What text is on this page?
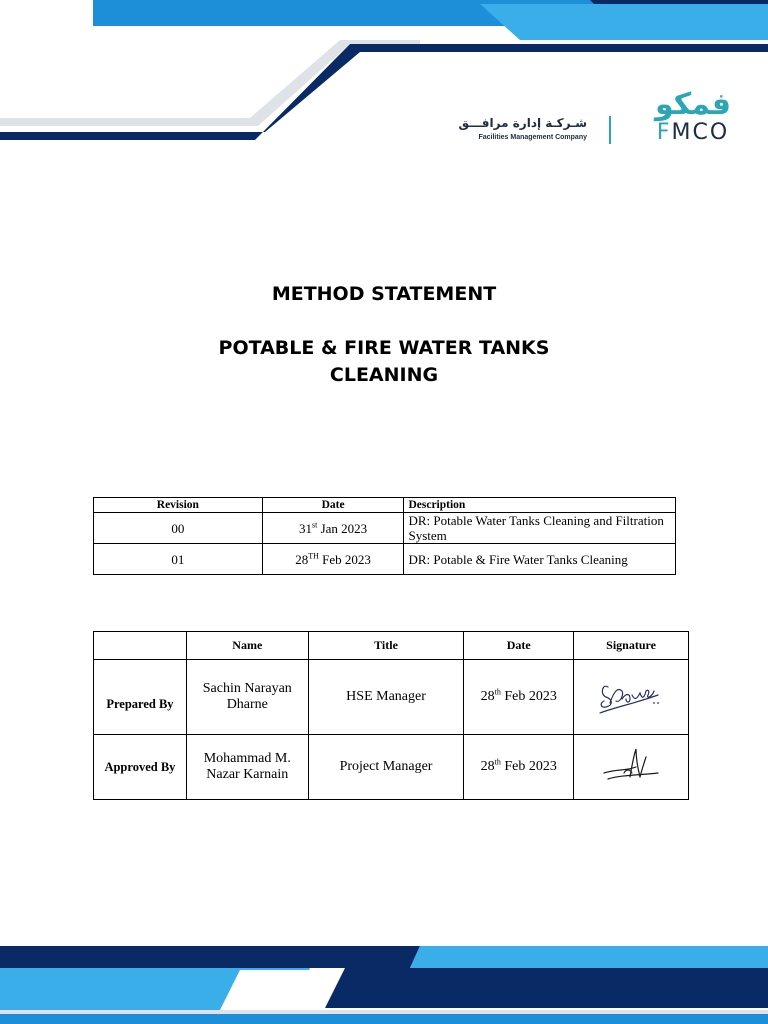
شـركـة إدارة مرافـــق
Facilities Management Company
فمكو
FMCO
METHOD STATEMENT
POTABLE & FIRE WATER TANKS
CLEANING
Revision	Date	Description
00	31st Jan 2023	DR: Potable Water Tanks Cleaning and Filtration System
01	28TH Feb 2023	DR: Potable & Fire Water Tanks Cleaning
	Name	Title	Date	Signature
Prepared By	Sachin Narayan Dharne	HSE Manager	28th Feb 2023	
Approved By	Mohammad M. Nazar Karnain	Project Manager	28th Feb 2023	
